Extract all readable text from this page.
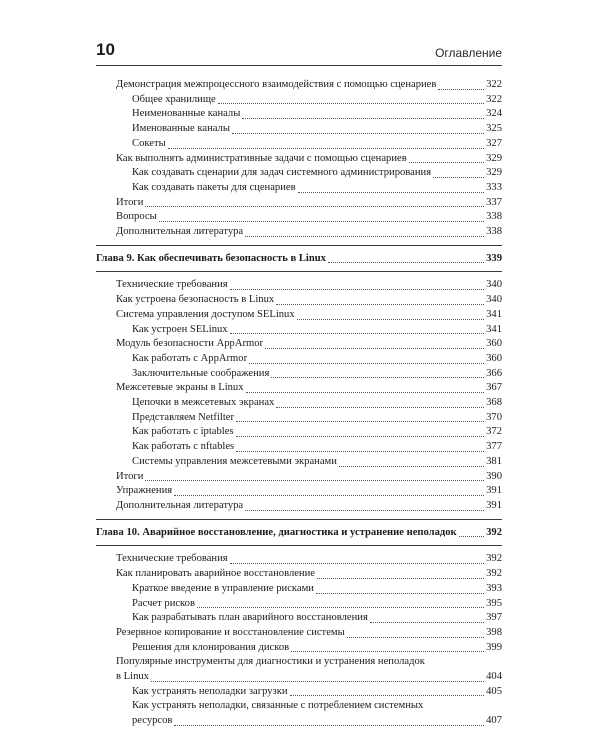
10	Оглавление
Демонстрация межпроцессного взаимодействия с помощью сценариев	322
Общее хранилище	322
Неименованные каналы	324
Именованные каналы	325
Сокеты	327
Как выполнять административные задачи с помощью сценариев	329
Как создавать сценарии для задач системного администрирования	329
Как создавать пакеты для сценариев	333
Итоги	337
Вопросы	338
Дополнительная литература	338
Глава 9. Как обеспечивать безопасность в Linux	339
Технические требования	340
Как устроена безопасность в Linux	340
Система управления доступом SELinux	341
Как устроен SELinux	341
Модуль безопасности AppArmor	360
Как работать с AppArmor	360
Заключительные соображения	366
Межсетевые экраны в Linux	367
Цепочки в межсетевых экранах	368
Представляем Netfilter	370
Как работать с iptables	372
Как работать с nftables	377
Системы управления межсетевыми экранами	381
Итоги	390
Упражнения	391
Дополнительная литература	391
Глава 10. Аварийное восстановление, диагностика и устранение неполадок	392
Технические требования	392
Как планировать аварийное восстановление	392
Краткое введение в управление рисками	393
Расчет рисков	395
Как разрабатывать план аварийного восстановления	397
Резервное копирование и восстановление системы	398
Решения для клонирования дисков	399
Популярные инструменты для диагностики и устранения неполадок
в Linux	404
Как устранять неполадки загрузки	405
Как устранять неполадки, связанные с потреблением системных
ресурсов	407
